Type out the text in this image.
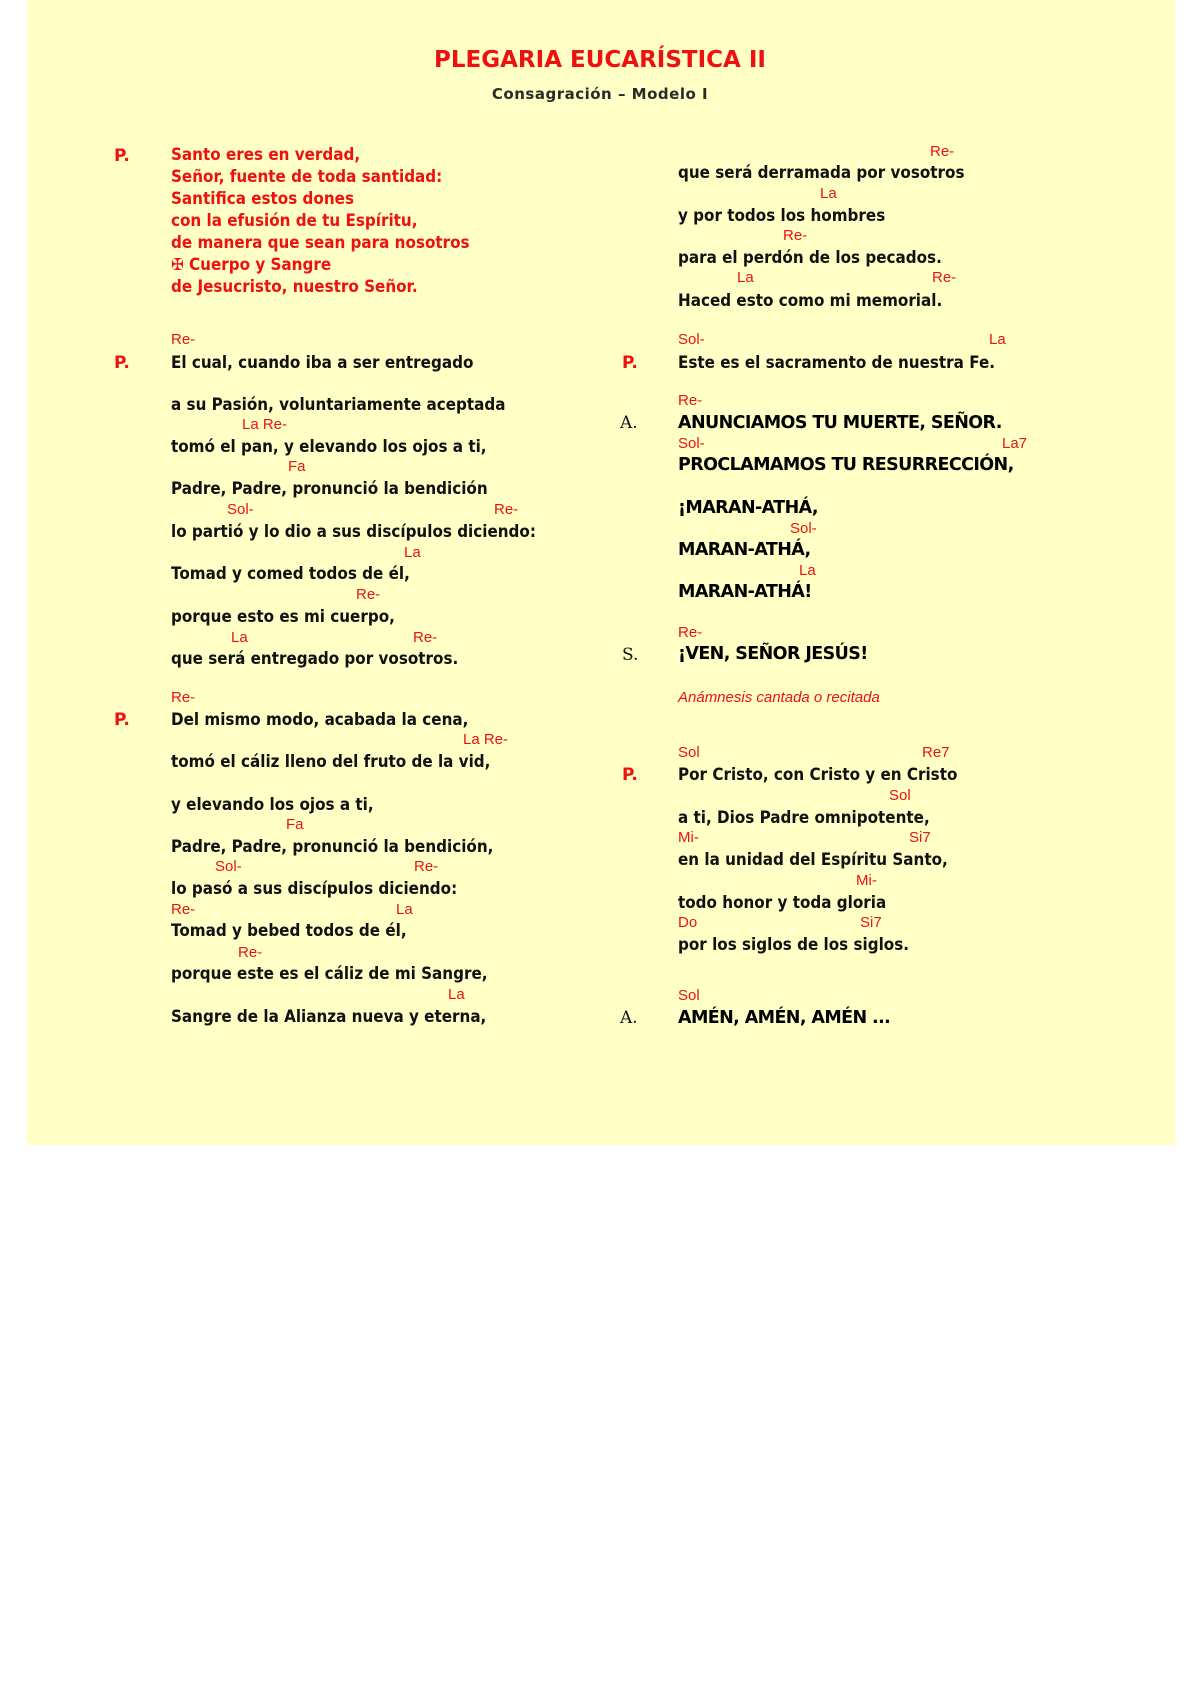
PLEGARIA EUCARÍSTICA II
Consagración – Modelo I
P. Santo eres en verdad,
Señor, fuente de toda santidad:
Santifica estos dones
con la efusión de tu Espíritu,
de manera que sean para nosotros
✠ Cuerpo y Sangre
de Jesucristo, nuestro Señor.
Re-
P. El cual, cuando iba a ser entregado
a su Pasión, voluntariamente aceptada
La Re-
tomó el pan, y elevando los ojos a ti,
Fa
Padre, Padre, pronunció la bendición
Sol-	Re-
lo partió y lo dio a sus discípulos diciendo:
La
Tomad y comed todos de él,
Re-
porque esto es mi cuerpo,
La	Re-
que será entregado por vosotros.
Re-
P. Del mismo modo, acabada la cena,
La Re-
tomó el cáliz lleno del fruto de la vid,
y elevando los ojos a ti,
Fa
Padre, Padre, pronunció la bendición,
Sol-	Re-
lo pasó a sus discípulos diciendo:
Re-	La
Tomad y bebed todos de él,
Re-
porque este es el cáliz de mi Sangre,
La
Sangre de la Alianza nueva y eterna,
Re-
que será derramada por vosotros
La
y por todos los hombres
Re-
para el perdón de los pecados.
La	Re-
Haced esto como mi memorial.
Sol-	La
P. Este es el sacramento de nuestra Fe.
Re-
A. ANUNCIAMOS TU MUERTE, SEÑOR.
Sol-	La7
PROCLAMAMOS TU RESURRECCIÓN,
¡MARAN-ATHÁ,
Sol-
MARAN-ATHÁ,
La
MARAN-ATHÁ!
Re-
S. ¡VEN, SEÑOR JESÚS!
Anámnesis cantada o recitada
Sol	Re7
P. Por Cristo, con Cristo y en Cristo
Sol
a ti, Dios Padre omnipotente,
Mi-	Si7
en la unidad del Espíritu Santo,
Mi-
todo honor y toda gloria
Do	Si7
por los siglos de los siglos.
Sol
A. AMÉN, AMÉN, AMÉN ...
